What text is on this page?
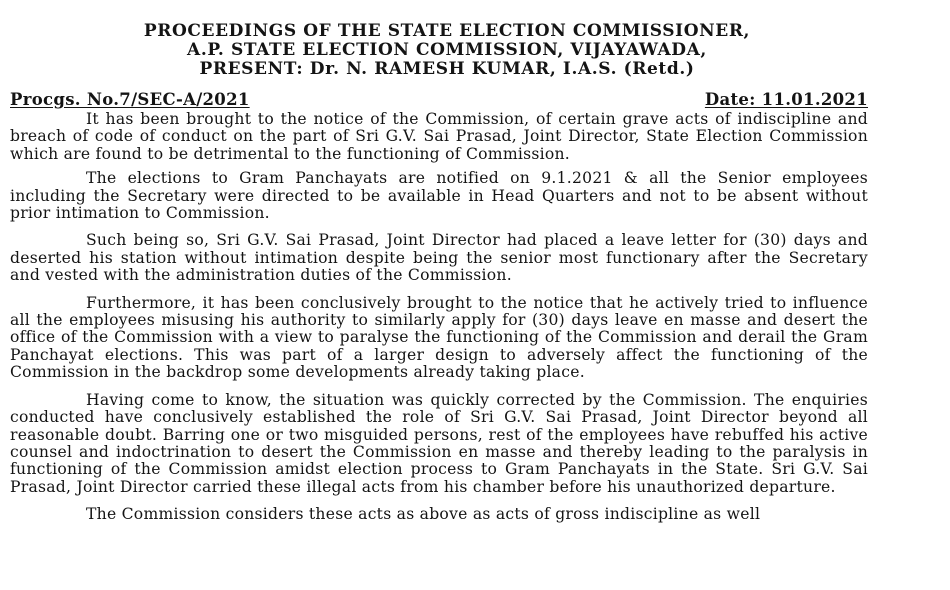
PROCEEDINGS OF THE STATE ELECTION COMMISSIONER,
A.P. STATE ELECTION COMMISSION, VIJAYAWADA,
PRESENT: Dr. N. RAMESH KUMAR, I.A.S. (Retd.)
Procgs. No.7/SEC-A/2021	Date: 11.01.2021

It has been brought to the notice of the Commission, of certain grave acts of indiscipline and breach of code of conduct on the part of Sri G.V. Sai Prasad, Joint Director, State Election Commission which are found to be detrimental to the functioning of Commission.

The elections to Gram Panchayats are notified on 9.1.2021 & all the Senior employees including the Secretary were directed to be available in Head Quarters and not to be absent without prior intimation to Commission.

Such being so, Sri G.V. Sai Prasad, Joint Director had placed a leave letter for (30) days and deserted his station without intimation despite being the senior most functionary after the Secretary and vested with the administration duties of the Commission.

Furthermore, it has been conclusively brought to the notice that he actively tried to influence all the employees misusing his authority to similarly apply for (30) days leave en masse and desert the office of the Commission with a view to paralyse the functioning of the Commission and derail the Gram Panchayat elections. This was part of a larger design to adversely affect the functioning of the Commission in the backdrop some developments already taking place.

Having come to know, the situation was quickly corrected by the Commission. The enquiries conducted have conclusively established the role of Sri G.V. Sai Prasad, Joint Director beyond all reasonable doubt. Barring one or two misguided persons, rest of the employees have rebuffed his active counsel and indoctrination to desert the Commission en masse and thereby leading to the paralysis in functioning of the Commission amidst election process to Gram Panchayats in the State. Sri G.V. Sai Prasad, Joint Director carried these illegal acts from his chamber before his unauthorized departure.

The Commission considers these acts as above as acts of gross indiscipline as well
